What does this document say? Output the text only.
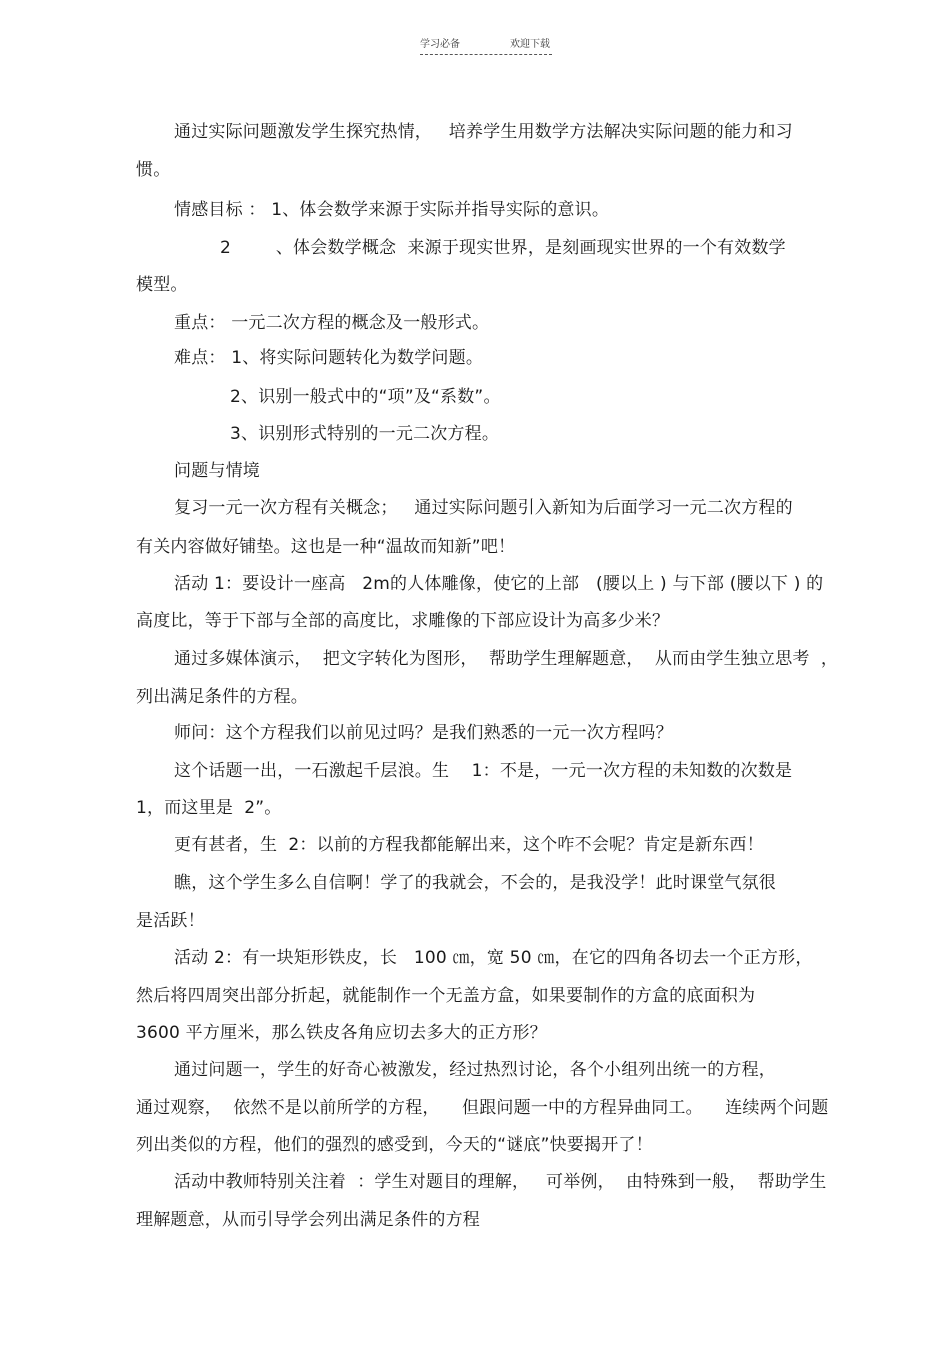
学习必备	欢迎下载
通过实际问题激发学生探究热情，   培养学生用数学方法解决实际问题的能力和习
惯。
情感目标 ： 1、体会数学来源于实际并指导实际的意识。
2        、体会数学概念  来源于现实世界，是刻画现实世界的一个有效数学
模型。
重点： 一元二次方程的概念及一般形式。
难点： 1、将实际问题转化为数学问题。
2、识别一般式中的“项”及“系数”。
3、识别形式特别的一元二次方程。
问题与情境
复习一元一次方程有关概念；   通过实际问题引入新知为后面学习一元二次方程的
有关内容做好铺垫。这也是一种“温故而知新”吧！
活动 1：要设计一座高   2m的人体雕像，使它的上部   (腰以上 ) 与下部 (腰以下 ) 的
高度比，等于下部与全部的高度比，求雕像的下部应设计为高多少米？
通过多媒体演示，  把文字转化为图形，  帮助学生理解题意，  从而由学生独立思考  ，
列出满足条件的方程。
师问：这个方程我们以前见过吗？是我们熟悉的一元一次方程吗？
这个话题一出，一石激起千层浪。生    1：不是，一元一次方程的未知数的次数是
1，而这里是  2”。
更有甚者，生  2：以前的方程我都能解出来，这个咋不会呢？肯定是新东西！
瞧，这个学生多么自信啊！学了的我就会，不会的，是我没学！此时课堂气氛很
是活跃！
活动 2：有一块矩形铁皮，长   100 ㎝，宽 50 ㎝，在它的四角各切去一个正方形，
然后将四周突出部分折起，就能制作一个无盖方盒，如果要制作的方盒的底面积为
3600 平方厘米，那么铁皮各角应切去多大的正方形？
通过问题一，学生的好奇心被激发，经过热烈讨论，各个小组列出统一的方程，
通过观察，  依然不是以前所学的方程，    但跟问题一中的方程异曲同工。    连续两个问题
列出类似的方程，他们的强烈的感受到，今天的“谜底”快要揭开了！
活动中教师特别关注着  ：学生对题目的理解，   可举例，  由特殊到一般，  帮助学生
理解题意，从而引导学会列出满足条件的方程
